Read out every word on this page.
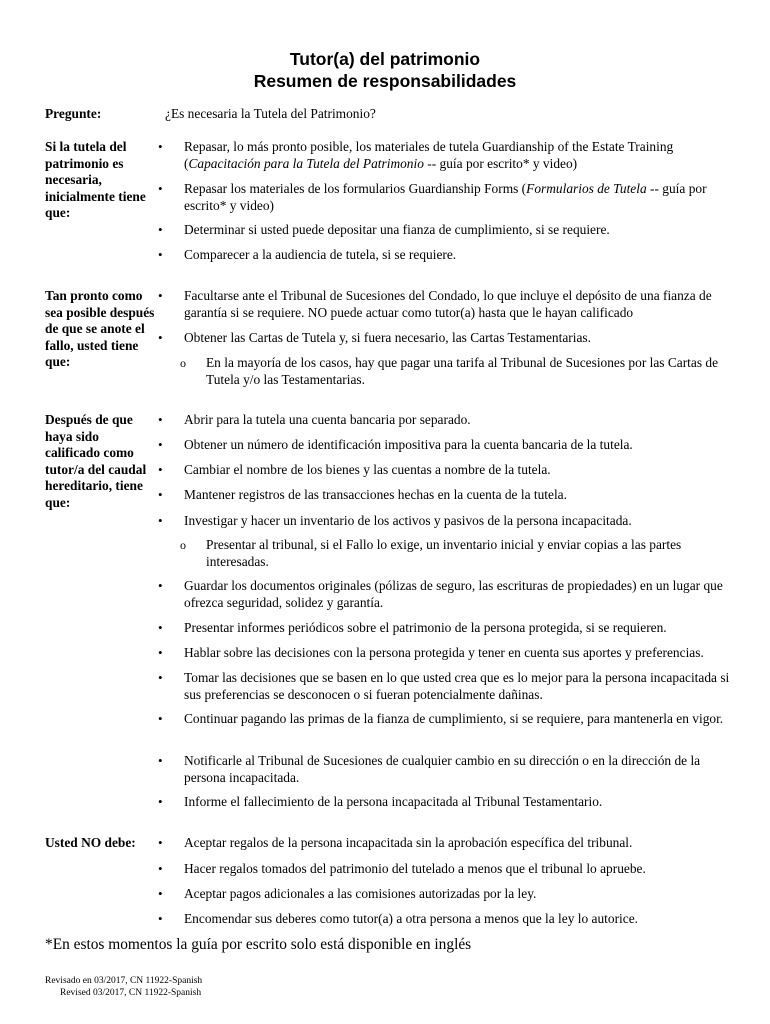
Tutor(a) del patrimonio
Resumen de responsabilidades
Pregunte:	¿Es necesaria la Tutela del Patrimonio?
Si la tutela del patrimonio es necesaria, inicialmente tiene que:
•	Repasar, lo más pronto posible, los materiales de tutela Guardianship of the Estate Training (Capacitación para la Tutela del Patrimonio -- guía por escrito* y video)
•	Repasar los materiales de los formularios Guardianship Forms (Formularios de Tutela -- guía por escrito* y video)
•	Determinar si usted puede depositar una fianza de cumplimiento, si se requiere.
•	Comparecer a la audiencia de tutela, si se requiere.
Tan pronto como sea posible después de que se anote el fallo, usted tiene que:
•	Facultarse ante el Tribunal de Sucesiones del Condado, lo que incluye el depósito de una fianza de garantía si se requiere. NO puede actuar como tutor(a) hasta que le hayan calificado
•	Obtener las Cartas de Tutela y, si fuera necesario, las Cartas Testamentarias.
o En la mayoría de los casos, hay que pagar una tarifa al Tribunal de Sucesiones por las Cartas de Tutela y/o las Testamentarias.
Después de que haya sido calificado como tutor/a del caudal hereditario, tiene que:
•	Abrir para la tutela una cuenta bancaria por separado.
•	Obtener un número de identificación impositiva para la cuenta bancaria de la tutela.
•	Cambiar el nombre de los bienes y las cuentas a nombre de la tutela.
•	Mantener registros de las transacciones hechas en la cuenta de la tutela.
•	Investigar y hacer un inventario de los activos y pasivos de la persona incapacitada.
o Presentar al tribunal, si el Fallo lo exige, un inventario inicial y enviar copias a las partes interesadas.
•	Guardar los documentos originales (pólizas de seguro, las escrituras de propiedades) en un lugar que ofrezca seguridad, solidez y garantía.
•	Presentar informes periódicos sobre el patrimonio de la persona protegida, si se requieren.
•	Hablar sobre las decisiones con la persona protegida y tener en cuenta sus aportes y preferencias.
•	Tomar las decisiones que se basen en lo que usted crea que es lo mejor para la persona incapacitada si sus preferencias se desconocen o si fueran potencialmente dañinas.
•	Continuar pagando las primas de la fianza de cumplimiento, si se requiere, para mantenerla en vigor.
•	Notificarle al Tribunal de Sucesiones de cualquier cambio en su dirección o en la dirección de la persona incapacitada.
•	Informe el fallecimiento de la persona incapacitada al Tribunal Testamentario.
Usted NO debe:	•	Aceptar regalos de la persona incapacitada sin la aprobación específica del tribunal.
•	Hacer regalos tomados del patrimonio del tutelado a menos que el tribunal lo apruebe.
•	Aceptar pagos adicionales a las comisiones autorizadas por la ley.
•	Encomendar sus deberes como tutor(a) a otra persona a menos que la ley lo autorice.
*En estos momentos la guía por escrito solo está disponible en inglés
Revisado en 03/2017, CN 11922-Spanish
Revised 03/2017, CN 11922-Spanish
